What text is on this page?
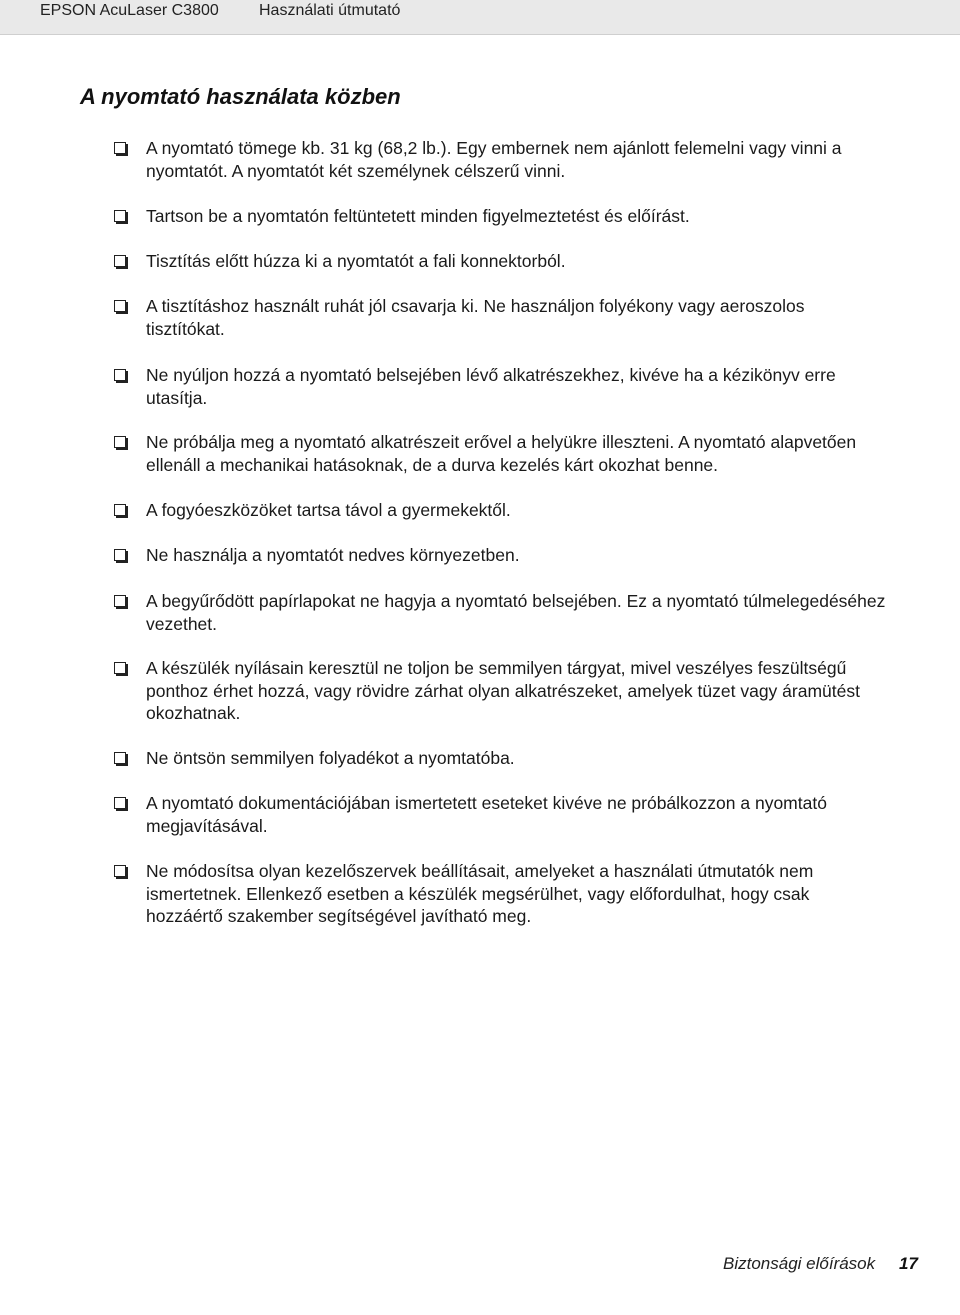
EPSON AcuLaser C3800	Használati útmutató
A nyomtató használata közben

A nyomtató tömege kb. 31 kg (68,2 lb.). Egy embernek nem ajánlott felemelni vagy vinni a nyomtatót. A nyomtatót két személynek célszerű vinni.

Tartson be a nyomtatón feltüntetett minden figyelmeztetést és előírást.

Tisztítás előtt húzza ki a nyomtatót a fali konnektorból.

A tisztításhoz használt ruhát jól csavarja ki. Ne használjon folyékony vagy aeroszolos tisztítókat.

Ne nyúljon hozzá a nyomtató belsejében lévő alkatrészekhez, kivéve ha a kézikönyv erre utasítja.

Ne próbálja meg a nyomtató alkatrészeit erővel a helyükre illeszteni. A nyomtató alapvetően ellenáll a mechanikai hatásoknak, de a durva kezelés kárt okozhat benne.

A fogyóeszközöket tartsa távol a gyermekektől.

Ne használja a nyomtatót nedves környezetben.

A begyűrődött papírlapokat ne hagyja a nyomtató belsejében. Ez a nyomtató túlmelegedéséhez vezethet.

A készülék nyílásain keresztül ne toljon be semmilyen tárgyat, mivel veszélyes feszültségű ponthoz érhet hozzá, vagy rövidre zárhat olyan alkatrészeket, amelyek tüzet vagy áramütést okozhatnak.

Ne öntsön semmilyen folyadékot a nyomtatóba.

A nyomtató dokumentációjában ismertetett eseteket kivéve ne próbálkozzon a nyomtató megjavításával.

Ne módosítsa olyan kezelőszervek beállításait, amelyeket a használati útmutatók nem ismertetnek. Ellenkező esetben a készülék megsérülhet, vagy előfordulhat, hogy csak hozzáértő szakember segítségével javítható meg.

Biztonsági előírások 17
